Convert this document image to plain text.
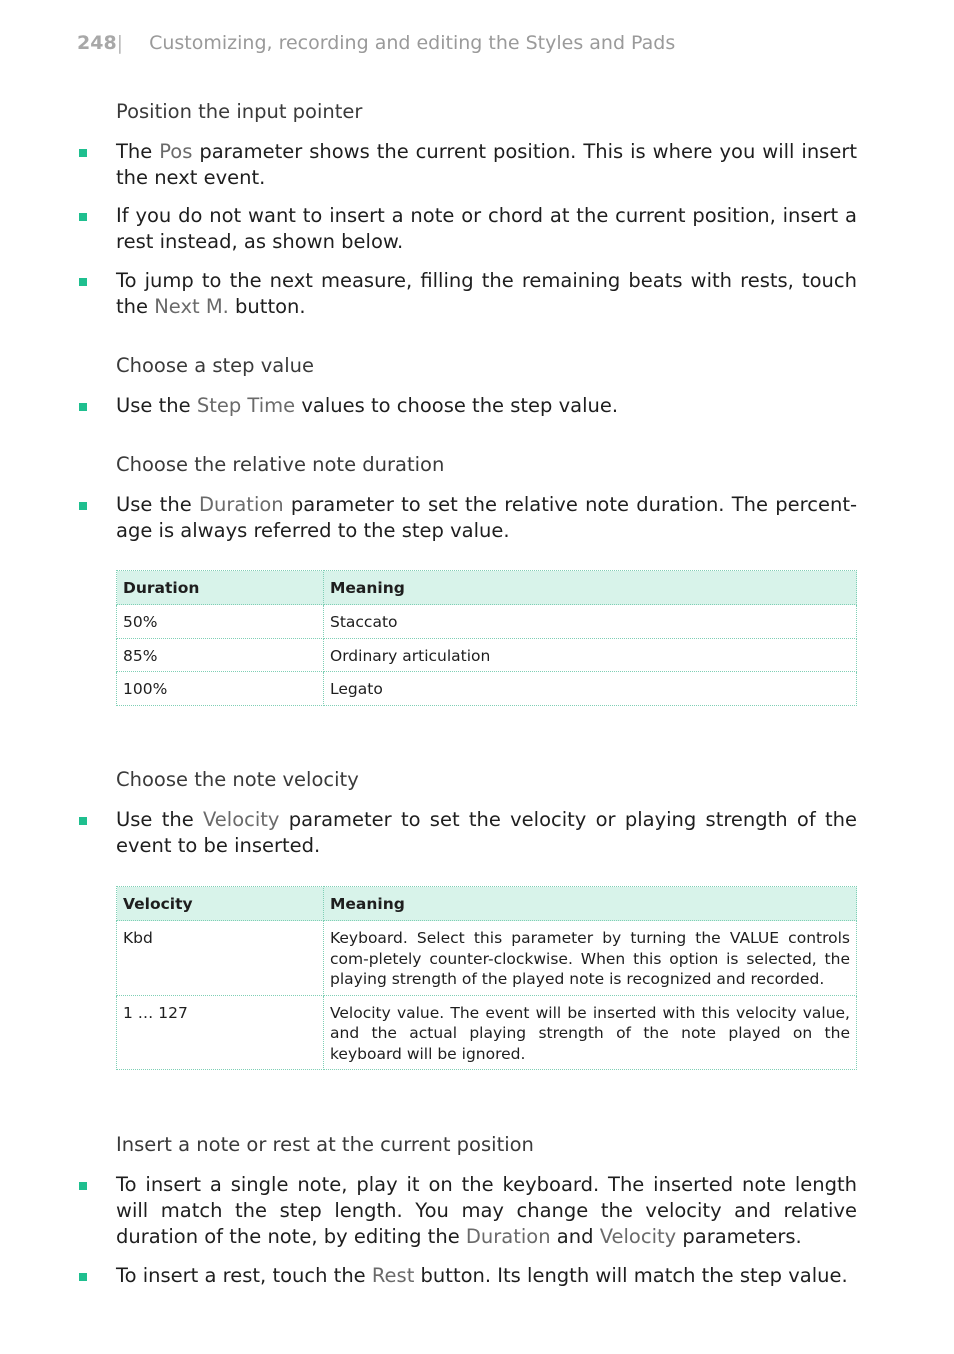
248| Customizing, recording and editing the Styles and Pads
Position the input pointer

The Pos parameter shows the current position. This is where you will insert the next event.

If you do not want to insert a note or chord at the current position, insert a rest instead, as shown below.

To jump to the next measure, filling the remaining beats with rests, touch the Next M. button.

Choose a step value

Use the Step Time values to choose the step value.

Choose the relative note duration

Use the Duration parameter to set the relative note duration. The percent-age is always referred to the step value.

Duration	Meaning
50%	Staccato
85%	Ordinary articulation
100%	Legato
Choose the note velocity

Use the Velocity parameter to set the velocity or playing strength of the event to be inserted.

Velocity	Meaning
Kbd	Keyboard. Select this parameter by turning the VALUE controls com-pletely counter-clockwise. When this option is selected, the playing strength of the played note is recognized and recorded.
1 … 127	Velocity value. The event will be inserted with this velocity value, and the actual playing strength of the note played on the keyboard will be ignored.
Insert a note or rest at the current position

To insert a single note, play it on the keyboard. The inserted note length will match the step length. You may change the velocity and relative duration of the note, by editing the Duration and Velocity parameters.

To insert a rest, touch the Rest button. Its length will match the step value.
